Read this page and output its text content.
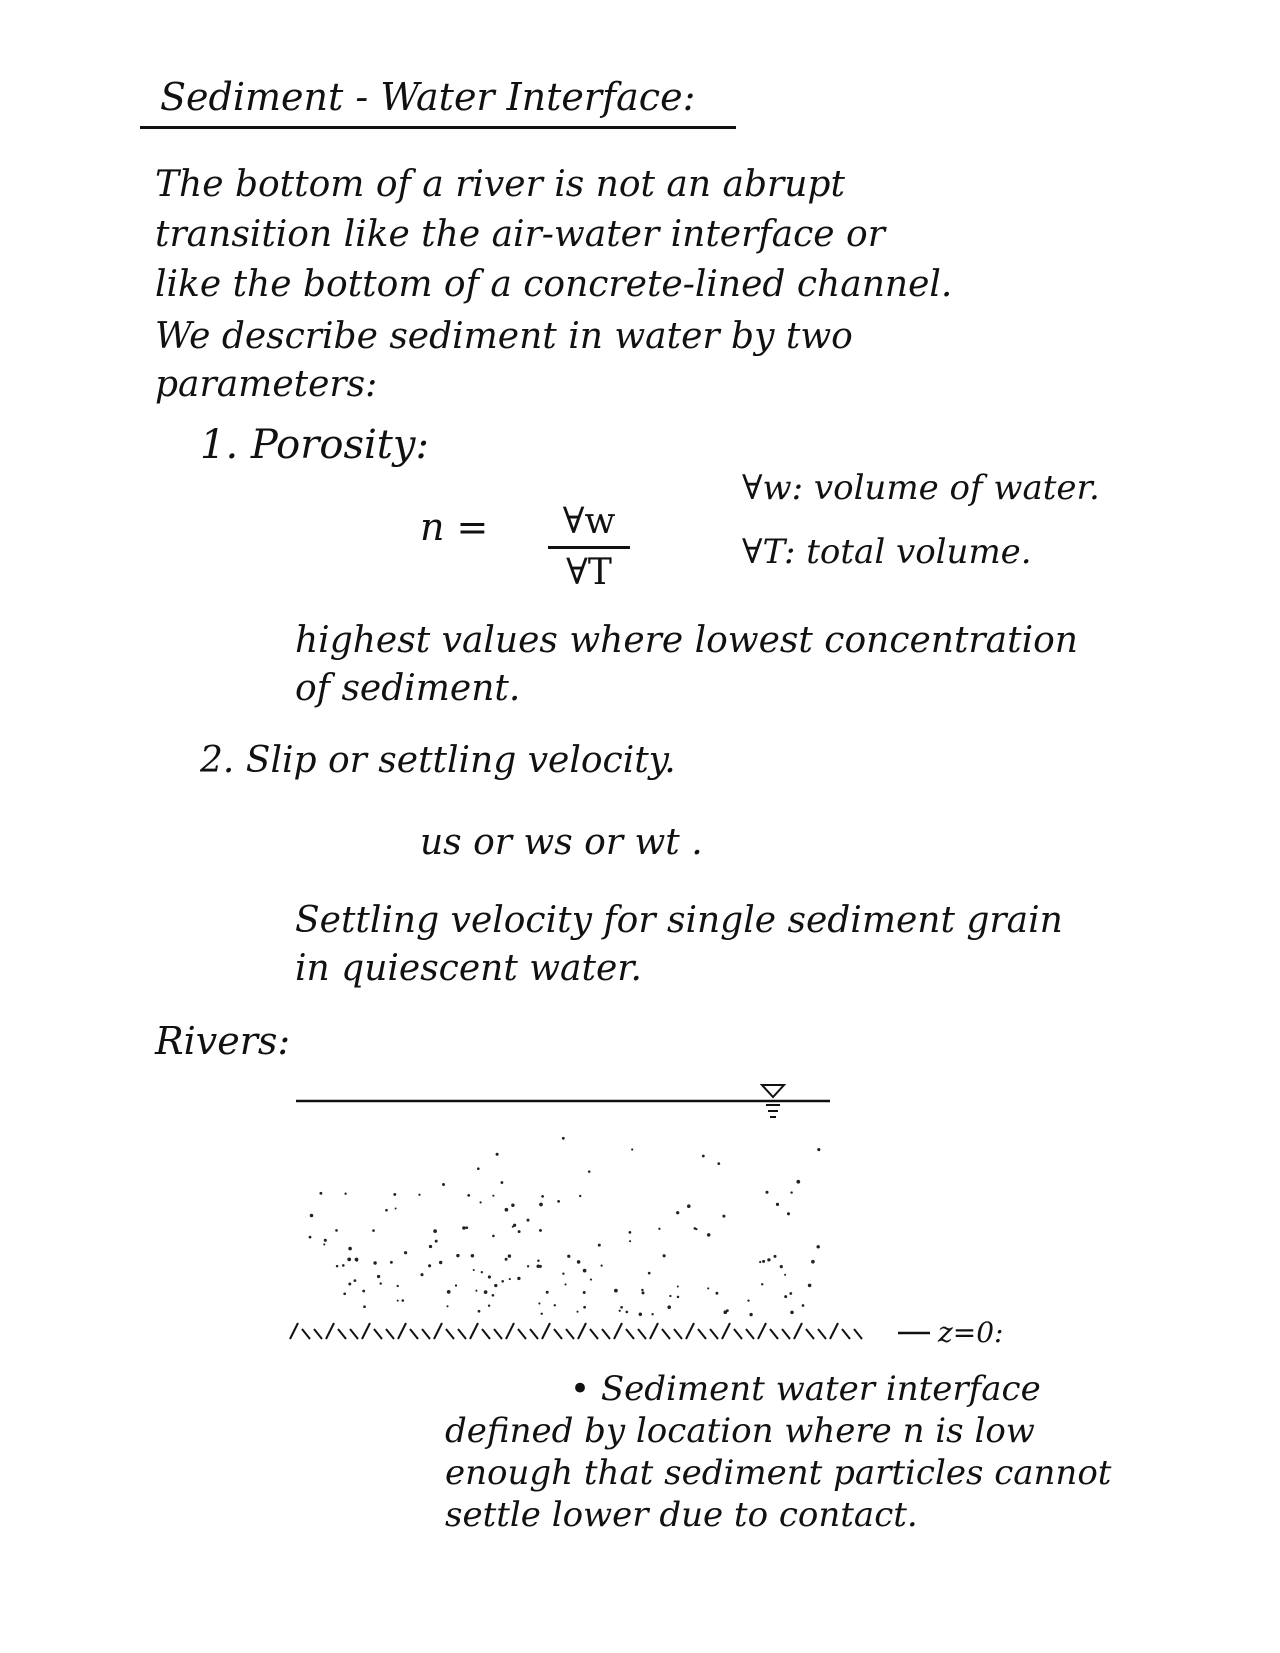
Sediment - Water Interface:
The bottom of a river is not an abrupt
transition like the air-water interface or
like the bottom of a concrete-lined channel.
We describe sediment in water by two
parameters:
1. Porosity:
n =	∀w
∀T
∀w: volume of water.
∀T: total volume.
highest values where lowest concentration
of sediment.
2. Slip or settling velocity.
us or ws or wt .
Settling velocity for single sediment grain
in quiescent water.
Rivers:
z=0:
• Sediment water interface
defined by location where n is low
enough that sediment particles cannot
settle lower due to contact.
